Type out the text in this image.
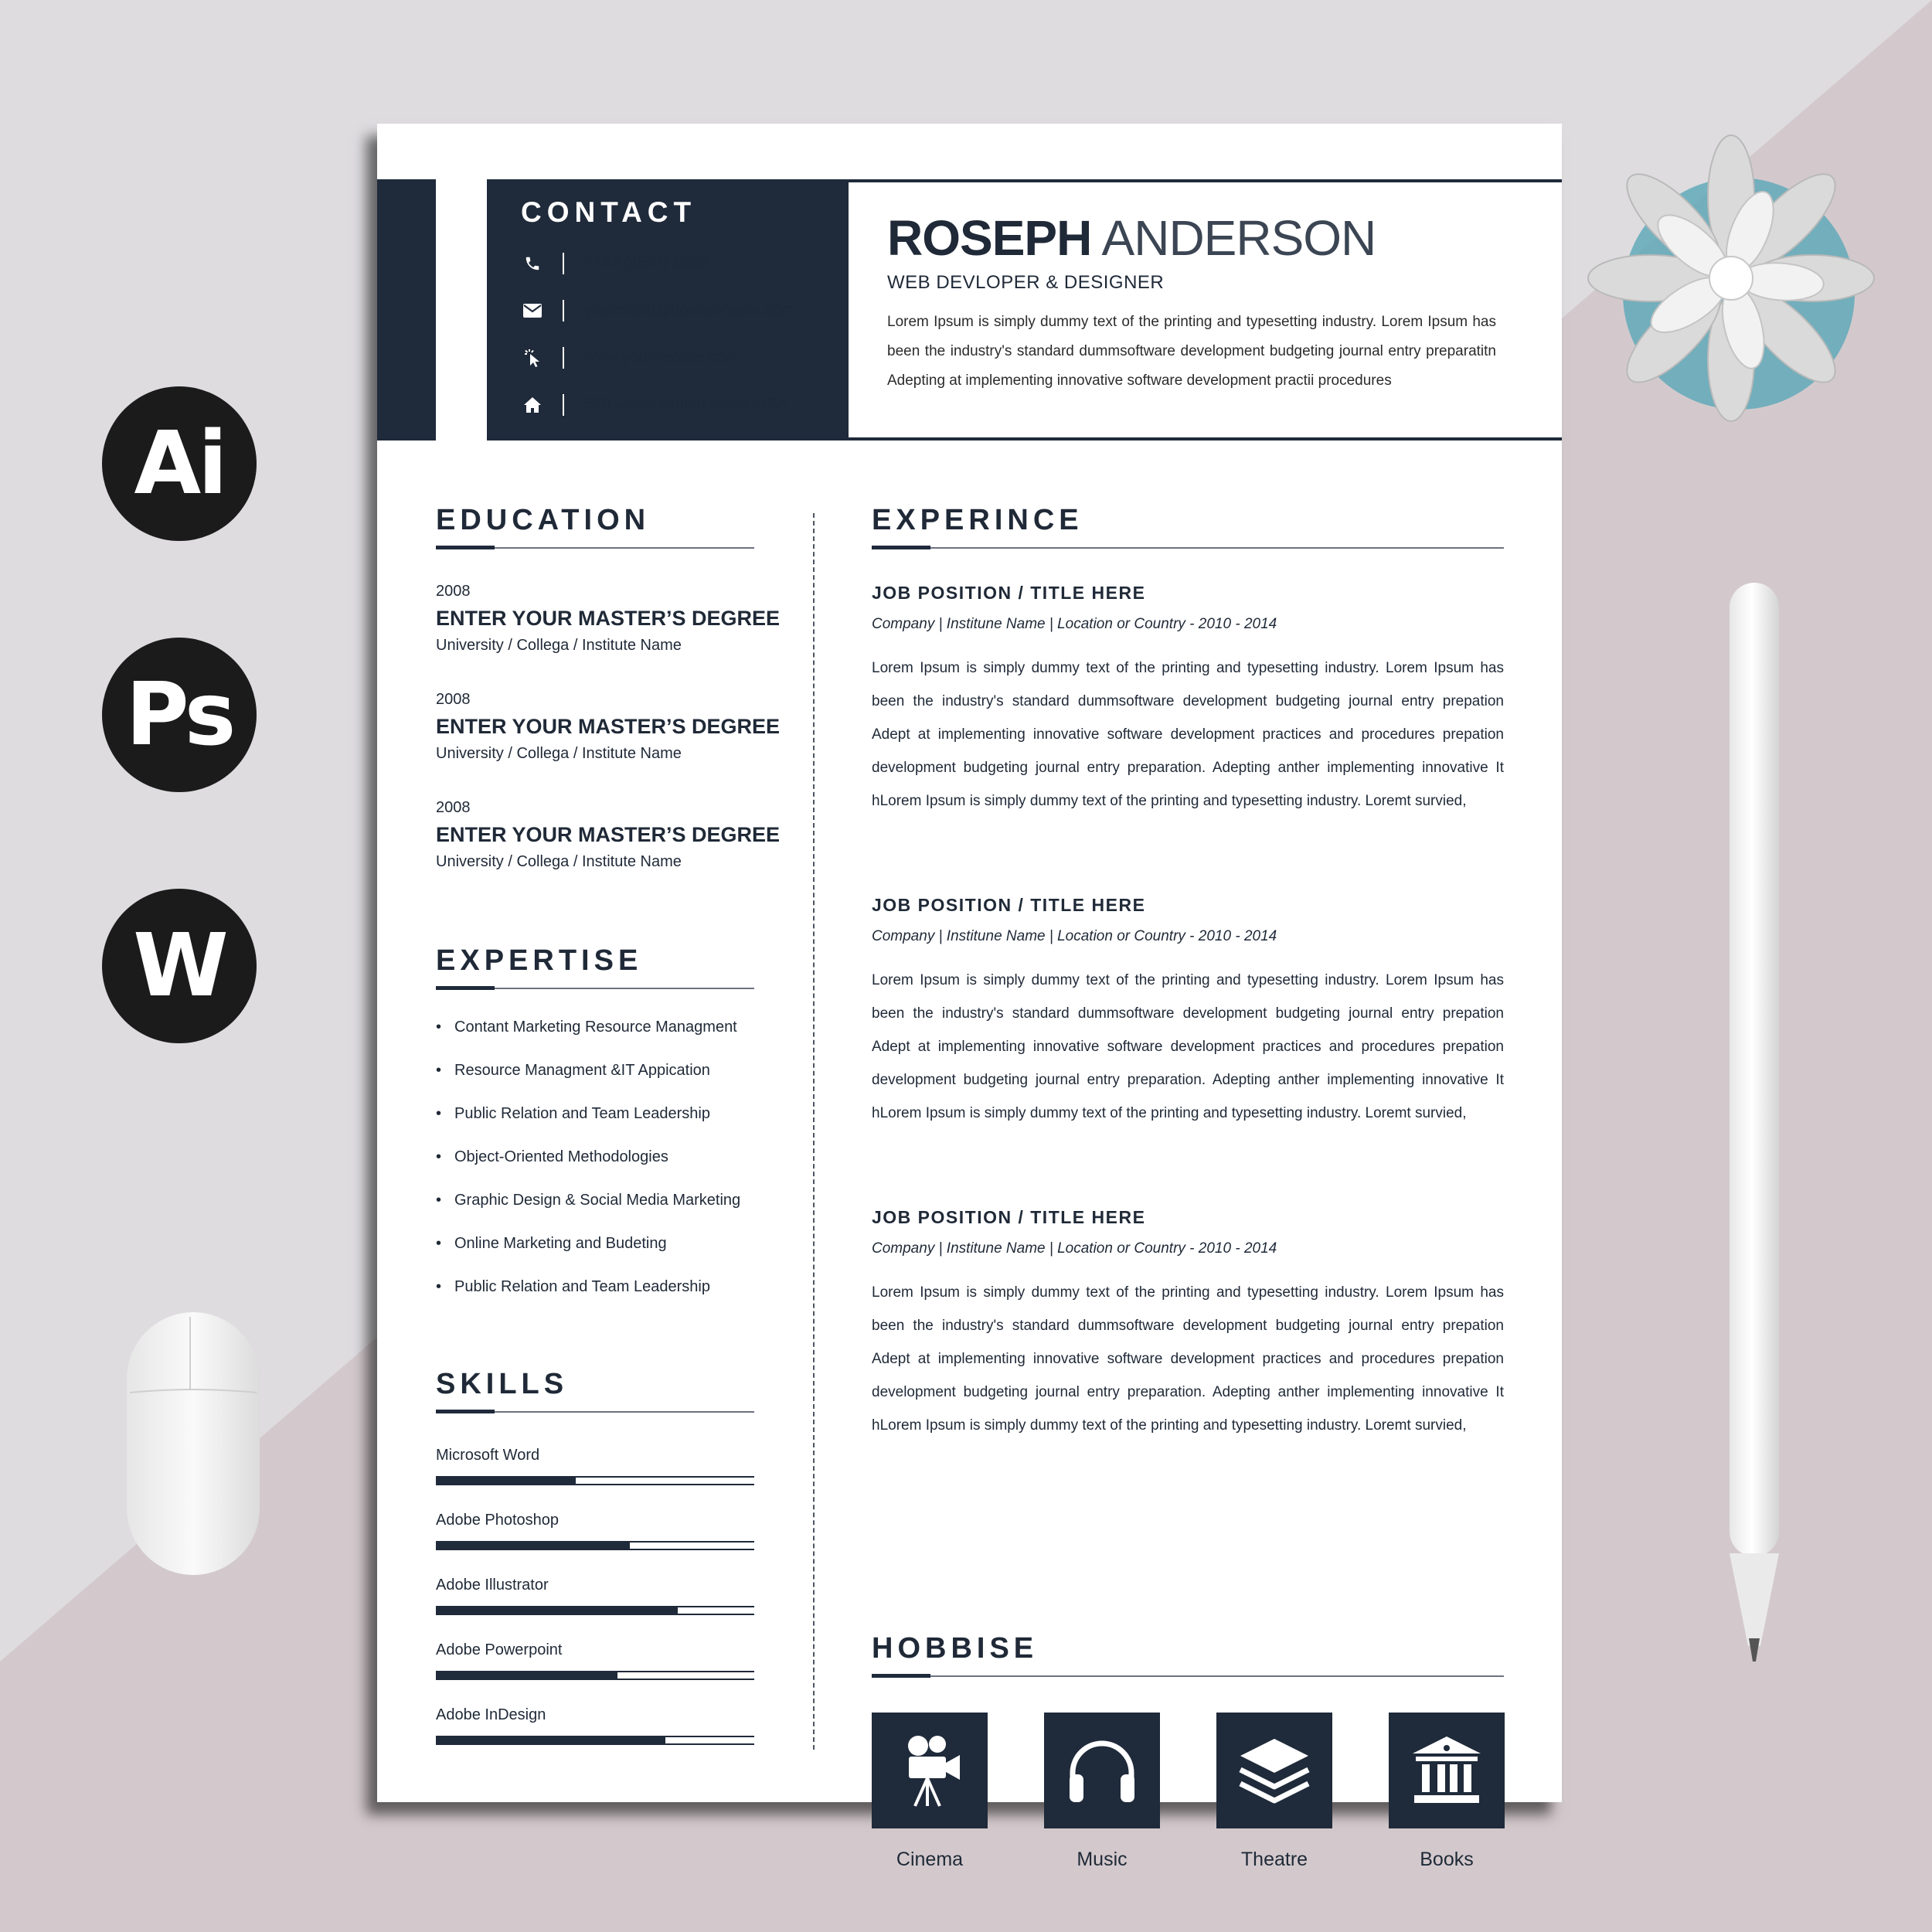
Ai
Ps
W
CONTACT
+123 (4567) 8953
yourmailid@domainname.com
www.yourwebsite.com
570,Jones clinton tower, USA
ROSEPH ANDERSON
WEB DEVLOPER & DESIGNER

Lorem Ipsum is simply dummy text of the printing and typesetting industry. Lorem Ipsum has been the industry's standard dummsoftware development budgeting journal entry preparatitn Adepting at implementing innovative software development practii procedures

EDUCATION
2008
ENTER YOUR MASTER’S DEGREE
University / Collega / Institute Name
2008
ENTER YOUR MASTER’S DEGREE
University / Collega / Institute Name
2008
ENTER YOUR MASTER’S DEGREE
University / Collega / Institute Name
EXPERTISE
• Contant Marketing Resource Managment
• Resource Managment &IT Appication
• Public Relation and Team Leadership
• Object-Oriented Methodologies
• Graphic Design & Social Media Marketing
• Online Marketing and Budeting
• Public Relation and Team Leadership
SKILLS
Microsoft Word
Adobe Photoshop
Adobe Illustrator
Adobe Powerpoint
Adobe InDesign
EXPERINCE
JOB POSITION / TITLE HERE
Company | Institune Name | Location or Country - 2010 - 2014

Lorem Ipsum is simply dummy text of the printing and typesetting industry. Lorem Ipsum has been the industry's standard dummsoftware development budgeting journal entry prepation Adept at implementing innovative software development practices and procedures prepation development budgeting journal entry preparation. Adepting anther implementing innovative It hLorem Ipsum is simply dummy text of the printing and typesetting industry. Loremt survied,

JOB POSITION / TITLE HERE
Company | Institune Name | Location or Country - 2010 - 2014

Lorem Ipsum is simply dummy text of the printing and typesetting industry. Lorem Ipsum has been the industry's standard dummsoftware development budgeting journal entry prepation Adept at implementing innovative software development practices and procedures prepation development budgeting journal entry preparation. Adepting anther implementing innovative It hLorem Ipsum is simply dummy text of the printing and typesetting industry. Loremt survied,

JOB POSITION / TITLE HERE
Company | Institune Name | Location or Country - 2010 - 2014

Lorem Ipsum is simply dummy text of the printing and typesetting industry. Lorem Ipsum has been the industry's standard dummsoftware development budgeting journal entry prepation Adept at implementing innovative software development practices and procedures prepation development budgeting journal entry preparation. Adepting anther implementing innovative It hLorem Ipsum is simply dummy text of the printing and typesetting industry. Loremt survied,

HOBBISE
Cinema	Music	Theatre	Books
